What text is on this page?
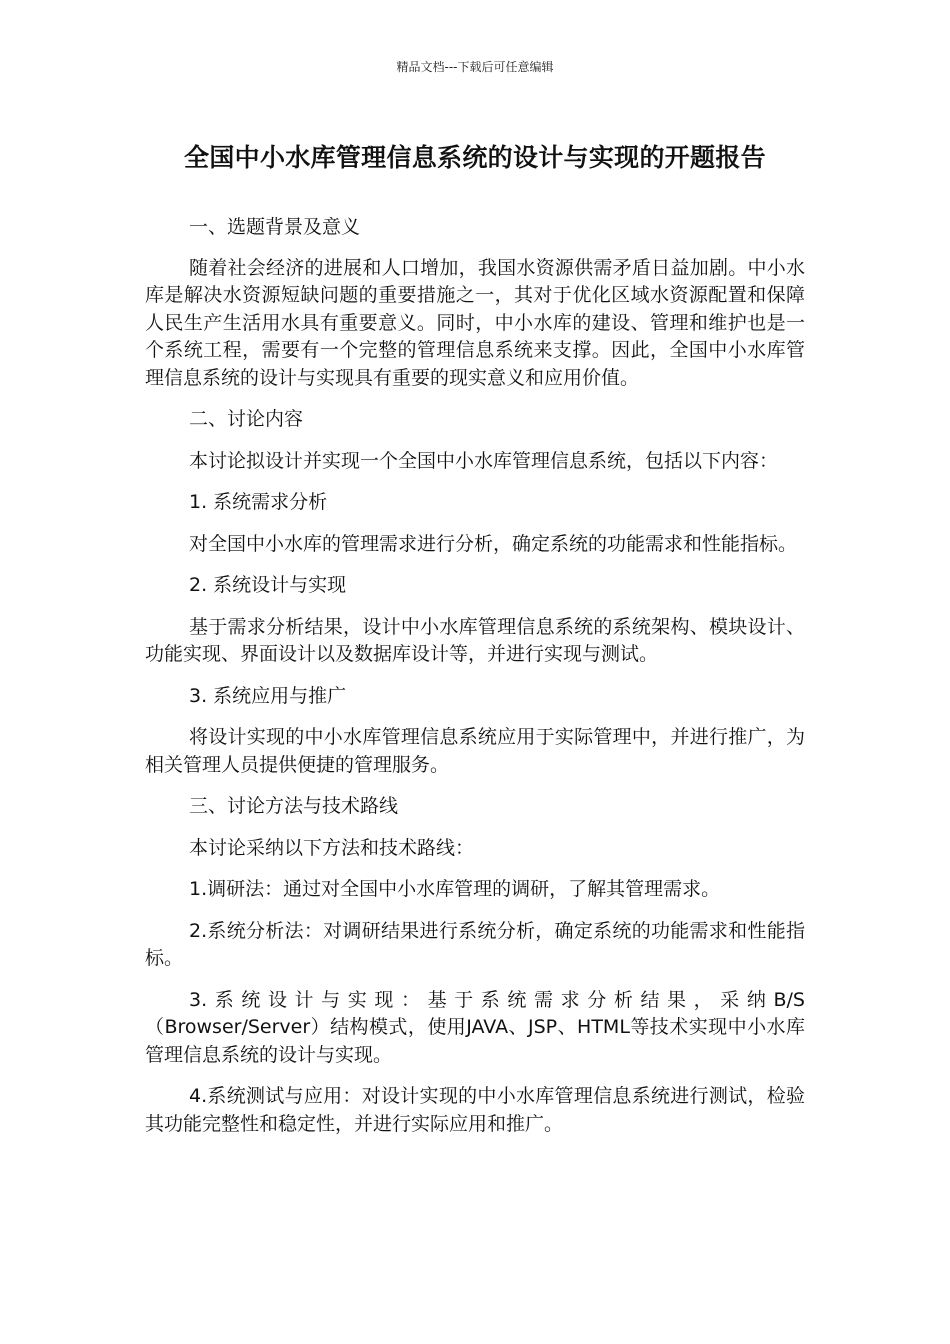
精品文档---下载后可任意编辑
全国中小水库管理信息系统的设计与实现的开题报告

一、选题背景及意义

随着社会经济的进展和人口增加，我国水资源供需矛盾日益加剧。中小水库是解决水资源短缺问题的重要措施之一，其对于优化区域水资源配置和保障人民生产生活用水具有重要意义。同时，中小水库的建设、管理和维护也是一个系统工程，需要有一个完整的管理信息系统来支撑。因此，全国中小水库管理信息系统的设计与实现具有重要的现实意义和应用价值。

二、讨论内容

本讨论拟设计并实现一个全国中小水库管理信息系统，包括以下内容：

1. 系统需求分析

对全国中小水库的管理需求进行分析，确定系统的功能需求和性能指标。

2. 系统设计与实现

基于需求分析结果，设计中小水库管理信息系统的系统架构、模块设计、功能实现、界面设计以及数据库设计等，并进行实现与测试。

3. 系统应用与推广

将设计实现的中小水库管理信息系统应用于实际管理中，并进行推广，为相关管理人员提供便捷的管理服务。

三、讨论方法与技术路线

本讨论采纳以下方法和技术路线：

1.调研法：通过对全国中小水库管理的调研，了解其管理需求。

2.系统分析法：对调研结果进行系统分析，确定系统的功能需求和性能指标。

3.系统设计与实现：基于系统需求分析结果，采纳B/S（Browser/Server）结构模式，使用JAVA、JSP、HTML等技术实现中小水库管理信息系统的设计与实现。

4.系统测试与应用：对设计实现的中小水库管理信息系统进行测试，检验其功能完整性和稳定性，并进行实际应用和推广。
